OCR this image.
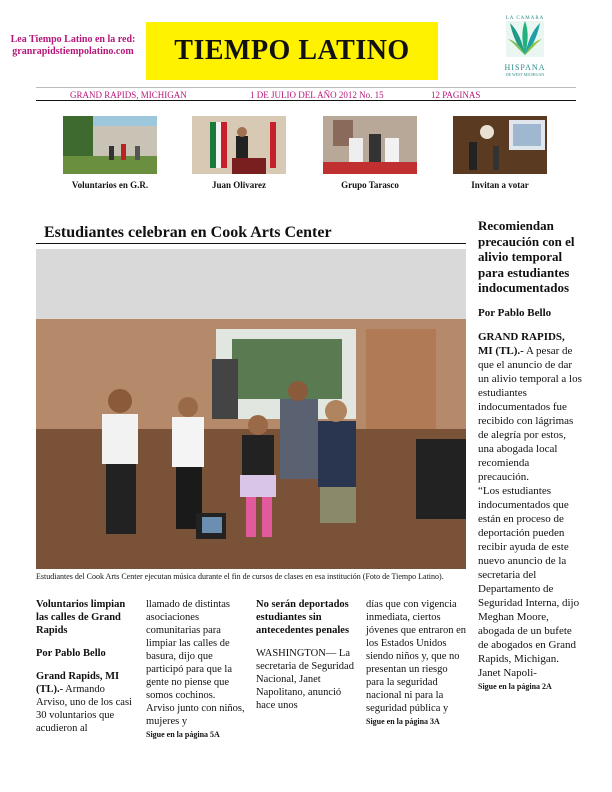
Lea Tiempo Latino en la red:
granrapidstiempolatino.com TIEMPO LATINO
LA CAMARA
HISPANA
DE WEST MICHIGAN
GRAND RAPIDS, MICHIGAN	1 DE JULIO DEL AÑO 2012 No. 15	12 PAGINAS
Voluntarios en G.R.	Juan Olivarez	Grupo Tarasco	Invitan a votar
Estudiantes celebran en Cook Arts Center
Estudiantes del Cook Arts Center ejecutan música durante el fin de cursos de clases en esa institución (Foto de Tiempo Latino).
Voluntarios limpian las calles de Grand Rapids
Por Pablo Bello
Grand Rapids, MI (TL).- Armando Arviso, uno de los casi 30 voluntarios que acudieron al
llamado de distintas asociaciones comunitarias para limpiar las calles de basura, dijo que participó para que la gente no piense que somos cochinos. Arviso junto con niños, mujeres y
Sigue en la página 5A
No serán deportados estudiantes sin antecedentes penales
WASHINGTON— La secretaria de Seguridad Nacional, Janet Napolitano, anunció hace unos
días que con vigencia inmediata, ciertos jóvenes que entraron en los Estados Unidos siendo niños y, que no presentan un riesgo para la seguridad nacional ni para la seguridad pública y
Sigue en la página 3A
Recomiendan precaución con el alivio temporal para estudiantes indocumentados

Por Pablo Bello

GRAND RAPIDS, MI (TL).- A pesar de que el anuncio de dar un alivio temporal a los estudiantes indocumentados fue recibido con lágrimas de alegría por estos, una abogada local recomienda precaución.

“Los estudiantes indocumentados que están en proceso de deportación pueden recibir ayuda de este nuevo anuncio de la secretaria del Departamento de Seguridad Interna, dijo Meghan Moore, abogada de un bufete de abogados en Grand Rapids, Michigan. Janet Napoli-

Sigue en la página 2A
